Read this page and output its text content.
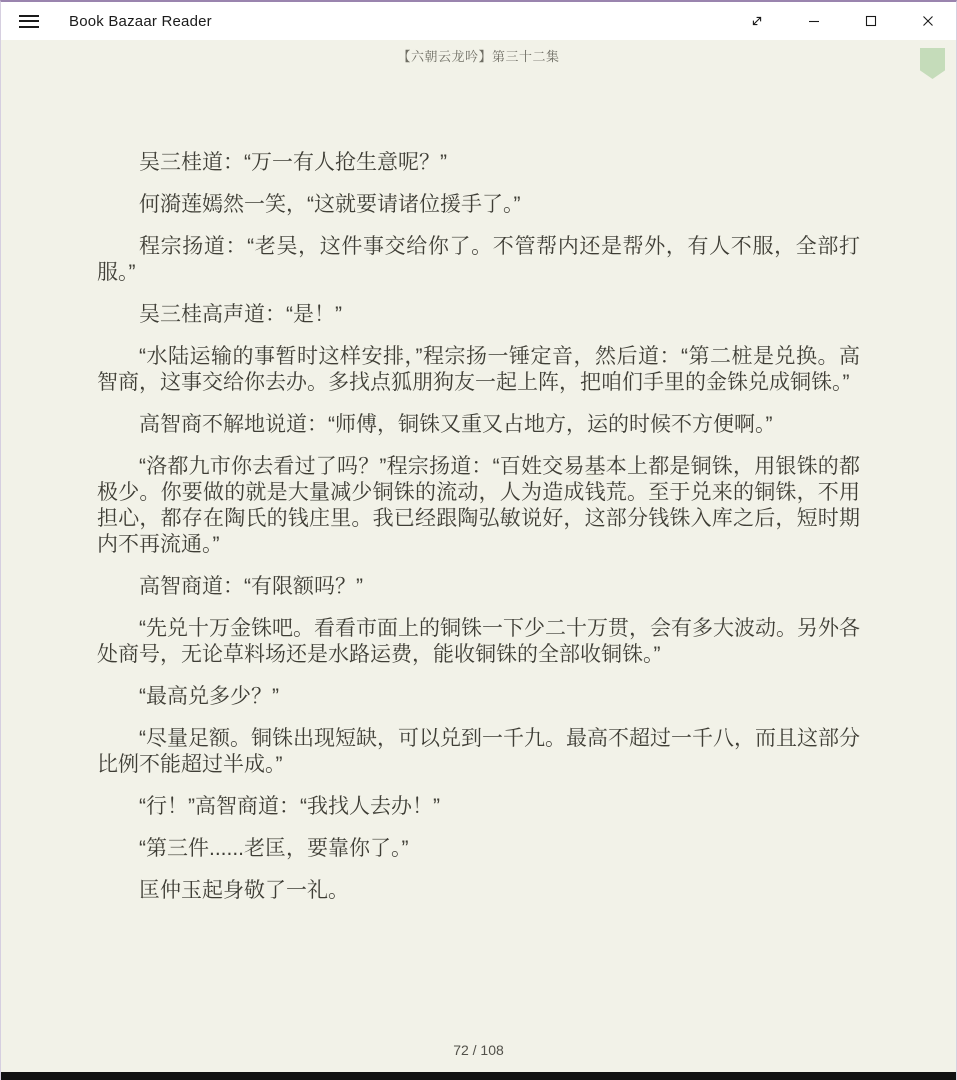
Book Bazaar Reader
【六朝云龙吟】第三十二集

吴三桂道：“万一有人抢生意呢？”

何漪莲嫣然一笑，“这就要请诸位援手了。”

程宗扬道：“老吴，这件事交给你了。不管帮内还是帮外，有人不服，全部打服。”

吴三桂高声道：“是！”

“水陆运输的事暂时这样安排，”程宗扬一锤定音，然后道：“第二桩是兑换。高智商，这事交给你去办。多找点狐朋狗友一起上阵，把咱们手里的金铢兑成铜铢。”

高智商不解地说道：“师傅，铜铢又重又占地方，运的时候不方便啊。”

“洛都九市你去看过了吗？”程宗扬道：“百姓交易基本上都是铜铢，用银铢的都极少。你要做的就是大量减少铜铢的流动，人为造成钱荒。至于兑来的铜铢，不用担心，都存在陶氏的钱庄里。我已经跟陶弘敏说好，这部分钱铢入库之后，短时期内不再流通。”

高智商道：“有限额吗？”

“先兑十万金铢吧。看看市面上的铜铢一下少二十万贯，会有多大波动。另外各处商号，无论草料场还是水路运费，能收铜铢的全部收铜铢。”

“最高兑多少？”

“尽量足额。铜铢出现短缺，可以兑到一千九。最高不超过一千八，而且这部分比例不能超过半成。”

“行！”高智商道：“我找人去办！”

“第三件......老匡，要靠你了。”

匡仲玉起身敬了一礼。

72 / 108
